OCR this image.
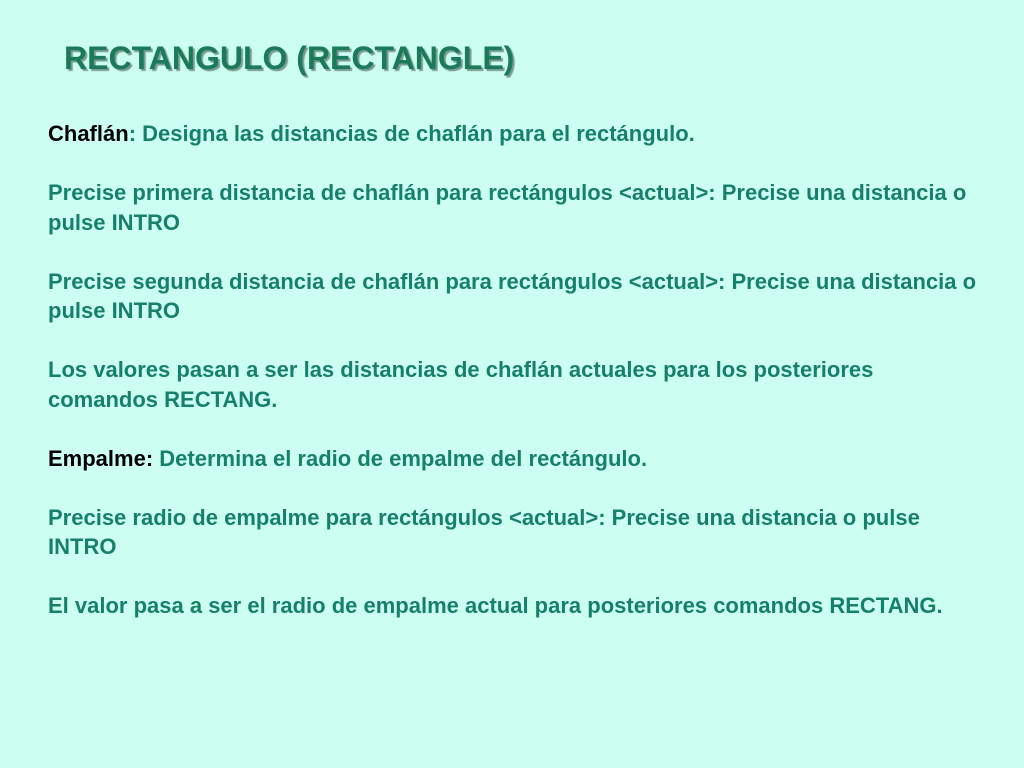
RECTANGULO (RECTANGLE)

Chaflán: Designa las distancias de chaflán para el rectángulo.

Precise primera distancia de chaflán para rectángulos <actual>: Precise una distancia o pulse INTRO

Precise segunda distancia de chaflán para rectángulos <actual>: Precise una distancia o pulse INTRO

Los valores pasan a ser las distancias de chaflán actuales para los posteriores comandos RECTANG.

Empalme: Determina el radio de empalme del rectángulo.

Precise radio de empalme para rectángulos <actual>: Precise una distancia o pulse INTRO

El valor pasa a ser el radio de empalme actual para posteriores comandos RECTANG.
